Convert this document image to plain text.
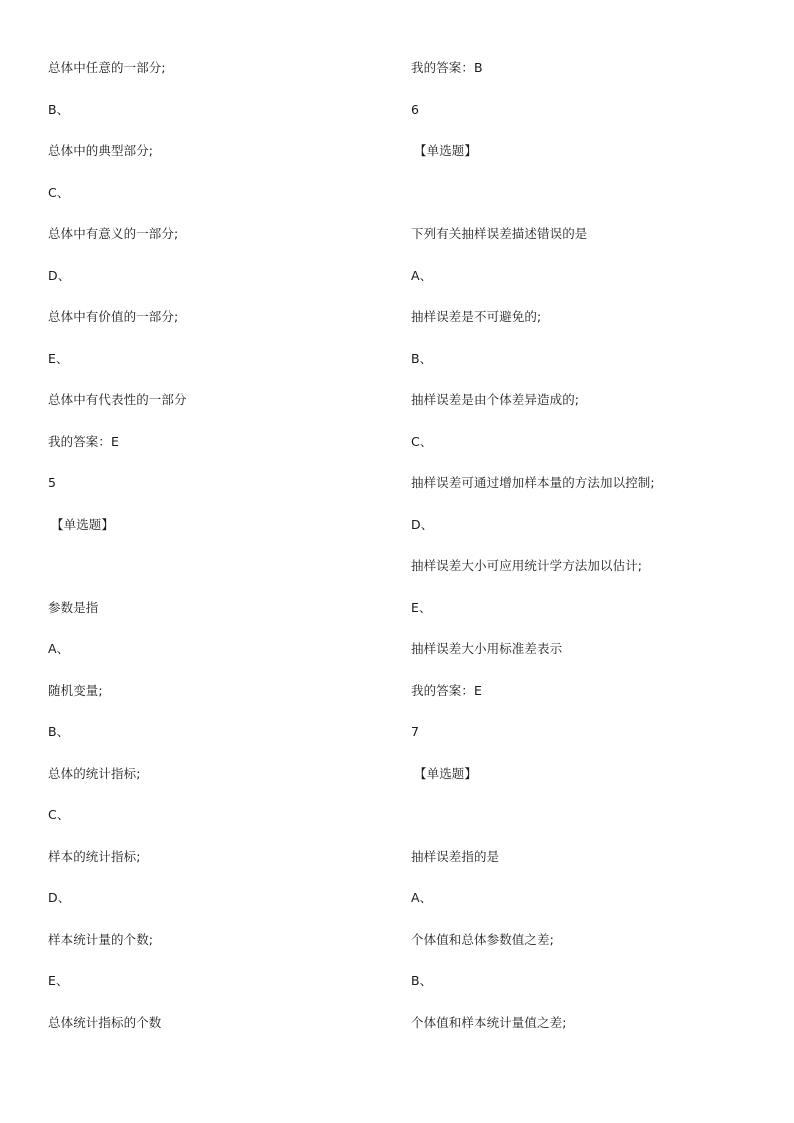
总体中任意的一部分;
B、
总体中的典型部分;
C、
总体中有意义的一部分;
D、
总体中有价值的一部分;
E、
总体中有代表性的一部分
我的答案：E
5
【单选题】
参数是指
A、
随机变量;
B、
总体的统计指标;
C、
样本的统计指标;
D、
样本统计量的个数;
E、
总体统计指标的个数
我的答案：B
6
【单选题】
下列有关抽样误差描述错误的是
A、
抽样误差是不可避免的;
B、
抽样误差是由个体差异造成的;
C、
抽样误差可通过增加样本量的方法加以控制;
D、
抽样误差大小可应用统计学方法加以估计;
E、
抽样误差大小用标准差表示
我的答案：E
7
【单选题】
抽样误差指的是
A、
个体值和总体参数值之差;
B、
个体值和样本统计量值之差;
